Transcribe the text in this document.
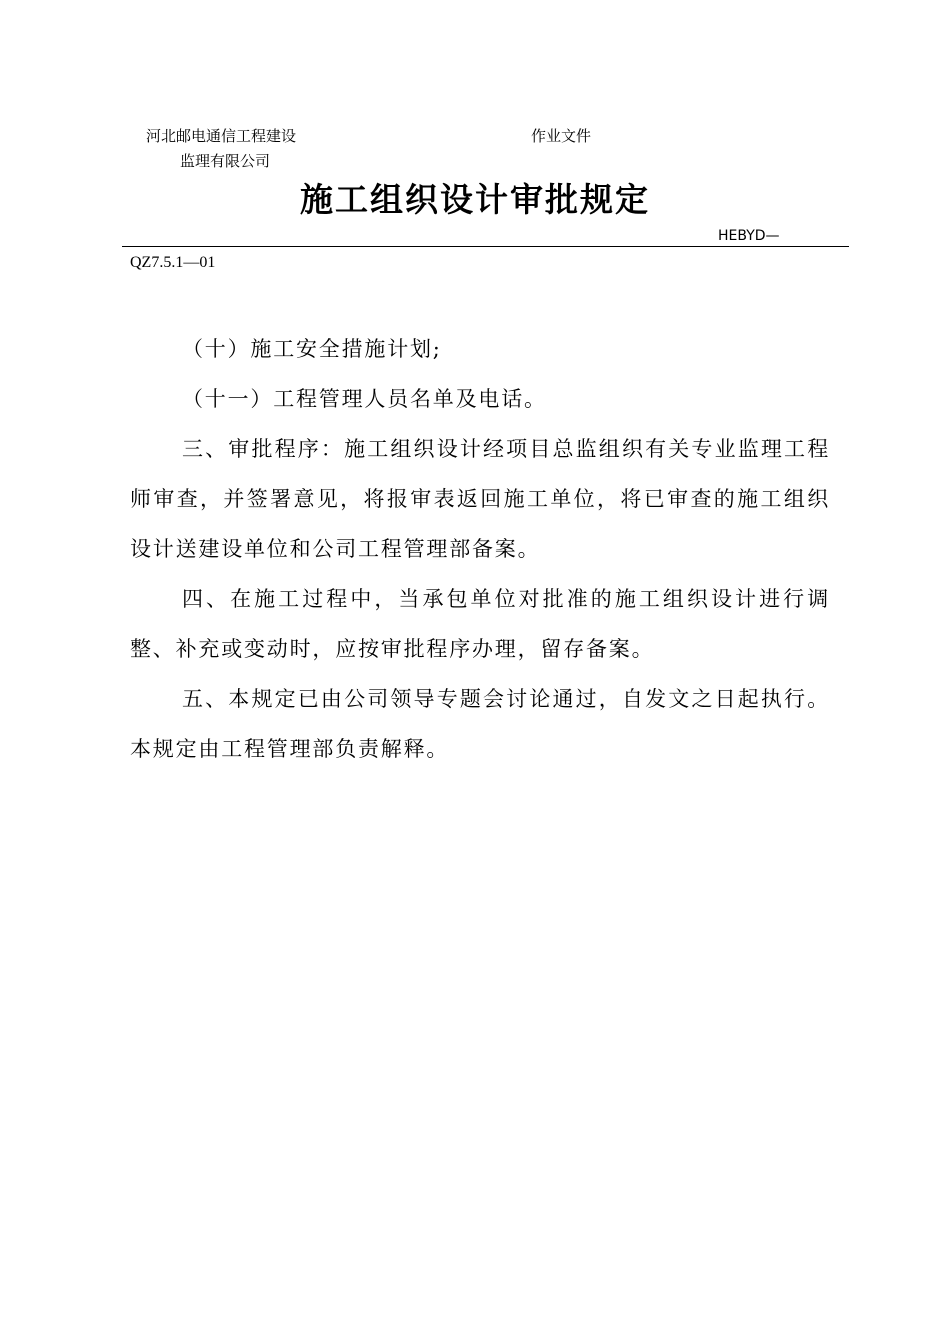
河北邮电通信工程建设
监理有限公司
作业文件
施工组织设计审批规定
HEBYD—
QZ7.5.1—01

（十）施工安全措施计划;

（十一）工程管理人员名单及电话。

三、审批程序：施工组织设计经项目总监组织有关专业监理工程师审查，并签署意见，将报审表返回施工单位，将已审查的施工组织设计送建设单位和公司工程管理部备案。

四、在施工过程中，当承包单位对批准的施工组织设计进行调整、补充或变动时，应按审批程序办理，留存备案。

五、本规定已由公司领导专题会讨论通过，自发文之日起执行。本规定由工程管理部负责解释。
